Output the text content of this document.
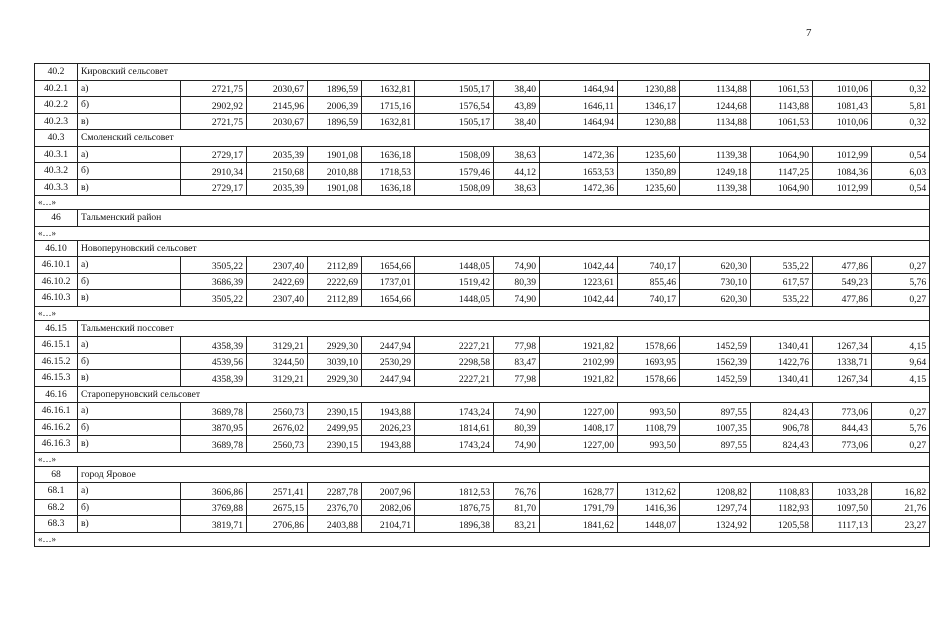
7
40.2	Кировский сельсовет												
40.2.1	а)	2721,75	2030,67	1896,59	1632,81	1505,17	38,40	1464,94	1230,88	1134,88	1061,53	1010,06	0,32
40.2.2	б)	2902,92	2145,96	2006,39	1715,16	1576,54	43,89	1646,11	1346,17	1244,68	1143,88	1081,43	5,81
40.2.3	в)	2721,75	2030,67	1896,59	1632,81	1505,17	38,40	1464,94	1230,88	1134,88	1061,53	1010,06	0,32
40.3	Смоленский сельсовет												
40.3.1	а)	2729,17	2035,39	1901,08	1636,18	1508,09	38,63	1472,36	1235,60	1139,38	1064,90	1012,99	0,54
40.3.2	б)	2910,34	2150,68	2010,88	1718,53	1579,46	44,12	1653,53	1350,89	1249,18	1147,25	1084,36	6,03
40.3.3	в)	2729,17	2035,39	1901,08	1636,18	1508,09	38,63	1472,36	1235,60	1139,38	1064,90	1012,99	0,54
«…»													
46	Тальменский район												
«…»													
46.10	Новоперуновский сельсовет												
46.10.1	а)	3505,22	2307,40	2112,89	1654,66	1448,05	74,90	1042,44	740,17	620,30	535,22	477,86	0,27
46.10.2	б)	3686,39	2422,69	2222,69	1737,01	1519,42	80,39	1223,61	855,46	730,10	617,57	549,23	5,76
46.10.3	в)	3505,22	2307,40	2112,89	1654,66	1448,05	74,90	1042,44	740,17	620,30	535,22	477,86	0,27
«…»													
46.15	Тальменский поссовет												
46.15.1	а)	4358,39	3129,21	2929,30	2447,94	2227,21	77,98	1921,82	1578,66	1452,59	1340,41	1267,34	4,15
46.15.2	б)	4539,56	3244,50	3039,10	2530,29	2298,58	83,47	2102,99	1693,95	1562,39	1422,76	1338,71	9,64
46.15.3	в)	4358,39	3129,21	2929,30	2447,94	2227,21	77,98	1921,82	1578,66	1452,59	1340,41	1267,34	4,15
46.16	Староперуновский сельсовет												
46.16.1	а)	3689,78	2560,73	2390,15	1943,88	1743,24	74,90	1227,00	993,50	897,55	824,43	773,06	0,27
46.16.2	б)	3870,95	2676,02	2499,95	2026,23	1814,61	80,39	1408,17	1108,79	1007,35	906,78	844,43	5,76
46.16.3	в)	3689,78	2560,73	2390,15	1943,88	1743,24	74,90	1227,00	993,50	897,55	824,43	773,06	0,27
«…»													
68	город Яровое												
68.1	а)	3606,86	2571,41	2287,78	2007,96	1812,53	76,76	1628,77	1312,62	1208,82	1108,83	1033,28	16,82
68.2	б)	3769,88	2675,15	2376,70	2082,06	1876,75	81,70	1791,79	1416,36	1297,74	1182,93	1097,50	21,76
68.3	в)	3819,71	2706,86	2403,88	2104,71	1896,38	83,21	1841,62	1448,07	1324,92	1205,58	1117,13	23,27
«…»													
